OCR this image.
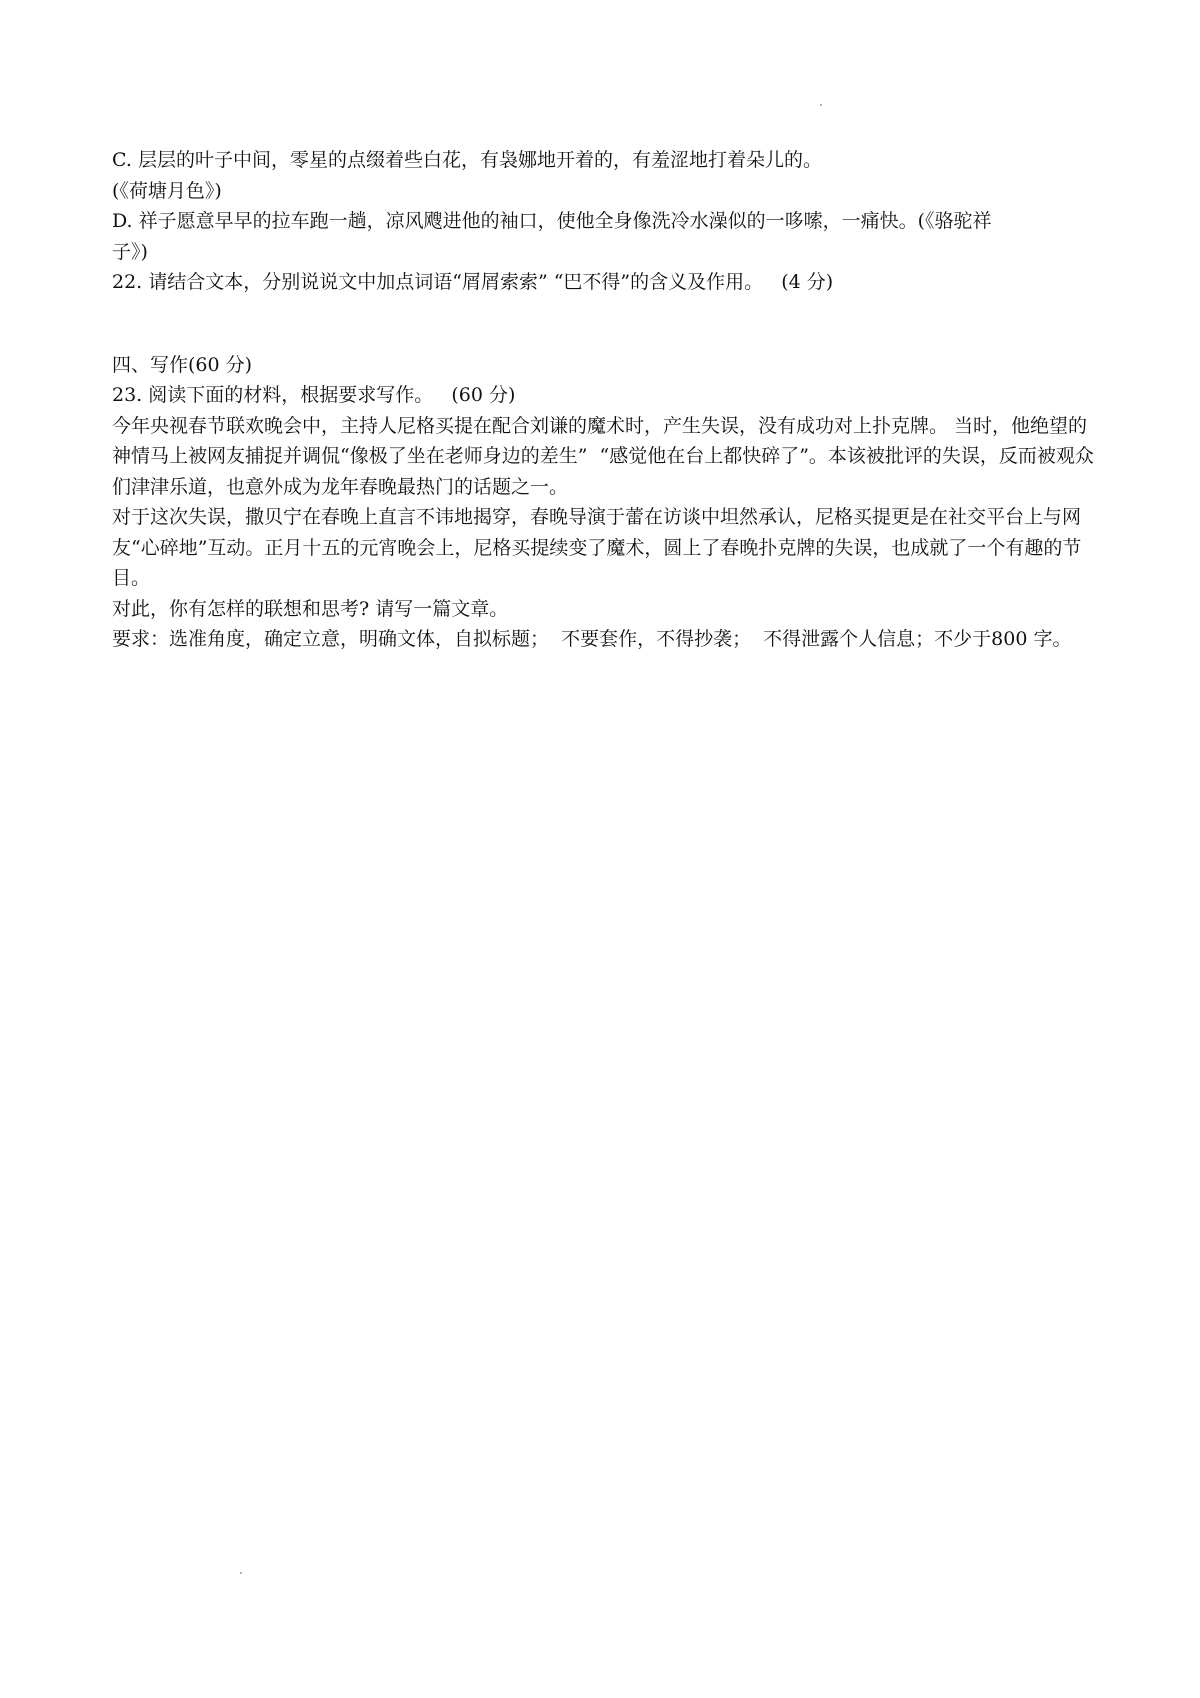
C. 层层的叶子中间，零星的点缀着些白花，有袅娜地开着的，有羞涩地打着朵儿的。

(《荷塘月色》)

D. 祥子愿意早早的拉车跑一趟，凉风飕进他的袖口，使他全身像洗冷水澡似的一哆嗦，一痛快。(《骆驼祥

子》)

22. 请结合文本，分别说说文中加点词语“屑屑索索” “巴不得”的含义及作用。   (4 分)

四、写作(60 分)

23. 阅读下面的材料，根据要求写作。   (60 分)

今年央视春节联欢晚会中，主持人尼格买提在配合刘谦的魔术时，产生失误，没有成功对上扑克牌。 当时，他绝望的神情马上被网友捕捉并调侃“像极了坐在老师身边的差生”  “感觉他在台上都快碎了”。本该被批评的失误，反而被观众们津津乐道，也意外成为龙年春晚最热门的话题之一。

对于这次失误，撒贝宁在春晚上直言不讳地揭穿，春晚导演于蕾在访谈中坦然承认，尼格买提更是在社交平台上与网友“心碎地”互动。正月十五的元宵晚会上，尼格买提续变了魔术，圆上了春晚扑克牌的失误，也成就了一个有趣的节目。

对此，你有怎样的联想和思考? 请写一篇文章。

要求：选准角度，确定立意，明确文体，自拟标题；  不要套作，不得抄袭；  不得泄露个人信息；不少于800 字。
